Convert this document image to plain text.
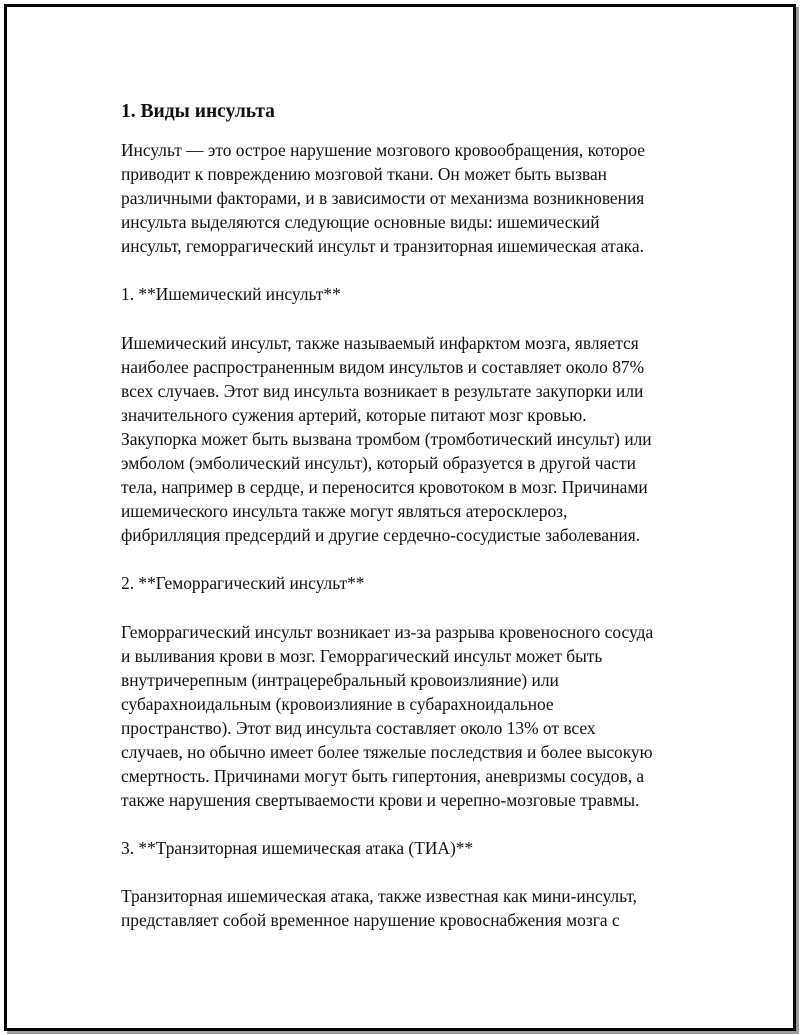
1. Виды инсульта

Инсульт — это острое нарушение мозгового кровообращения, которое
приводит к повреждению мозговой ткани. Он может быть вызван
различными факторами, и в зависимости от механизма возникновения
инсульта выделяются следующие основные виды: ишемический
инсульт, геморрагический инсульт и транзиторная ишемическая атака.

1. **Ишемический инсульт**

Ишемический инсульт, также называемый инфарктом мозга, является
наиболее распространенным видом инсультов и составляет около 87%
всех случаев. Этот вид инсульта возникает в результате закупорки или
значительного сужения артерий, которые питают мозг кровью.
Закупорка может быть вызвана тромбом (тромботический инсульт) или
эмболом (эмболический инсульт), который образуется в другой части
тела, например в сердце, и переносится кровотоком в мозг. Причинами
ишемического инсульта также могут являться атеросклероз,
фибрилляция предсердий и другие сердечно-сосудистые заболевания.

2. **Геморрагический инсульт**

Геморрагический инсульт возникает из-за разрыва кровеносного сосуда
и выливания крови в мозг. Геморрагический инсульт может быть
внутричерепным (интрацеребральный кровоизлияние) или
субарахноидальным (кровоизлияние в субарахноидальное
пространство). Этот вид инсульта составляет около 13% от всех
случаев, но обычно имеет более тяжелые последствия и более высокую
смертность. Причинами могут быть гипертония, аневризмы сосудов, а
также нарушения свертываемости крови и черепно-мозговые травмы.

3. **Транзиторная ишемическая атака (ТИА)**

Транзиторная ишемическая атака, также известная как мини-инсульт,
представляет собой временное нарушение кровоснабжения мозга с
